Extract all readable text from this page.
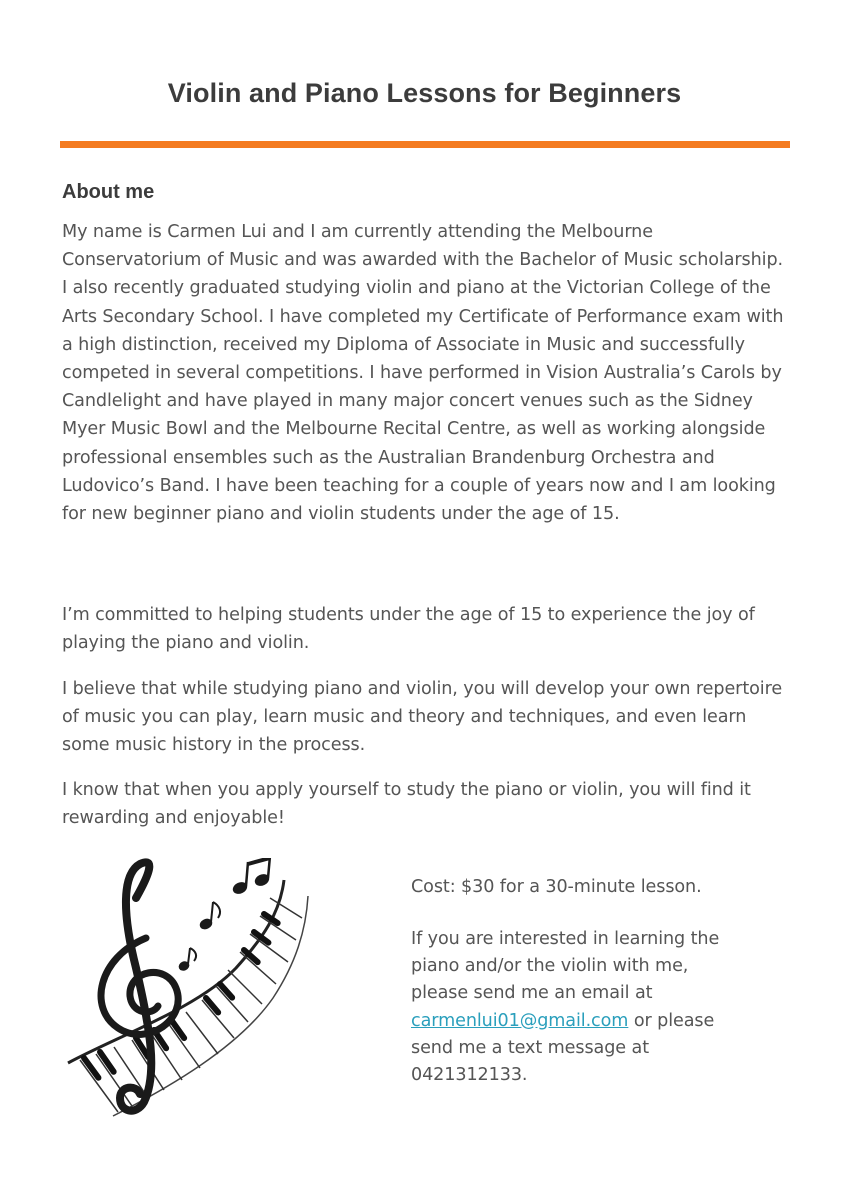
Violin and Piano Lessons for Beginners
About me

My name is Carmen Lui and I am currently attending the Melbourne Conservatorium of Music and was awarded with the Bachelor of Music scholarship. I also recently graduated studying violin and piano at the Victorian College of the Arts Secondary School. I have completed my Certificate of Performance exam with a high distinction, received my Diploma of Associate in Music and successfully competed in several competitions. I have performed in Vision Australia’s Carols by Candlelight and have played in many major concert venues such as the Sidney Myer Music Bowl and the Melbourne Recital Centre, as well as working alongside professional ensembles such as the Australian Brandenburg Orchestra and Ludovico’s Band. I have been teaching for a couple of years now and I am looking for new beginner piano and violin students under the age of 15.

I’m committed to helping students under the age of 15 to experience the joy of playing the piano and violin.

I believe that while studying piano and violin, you will develop your own repertoire of music you can play, learn music and theory and techniques, and even learn some music history in the process.

I know that when you apply yourself to study the piano or violin, you will find it rewarding and enjoyable!

Cost: $30 for a 30-minute lesson.

If you are interested in learning the piano and/or the violin with me, please send me an email at carmenlui01@gmail.com or please send me a text message at 0421312133.
